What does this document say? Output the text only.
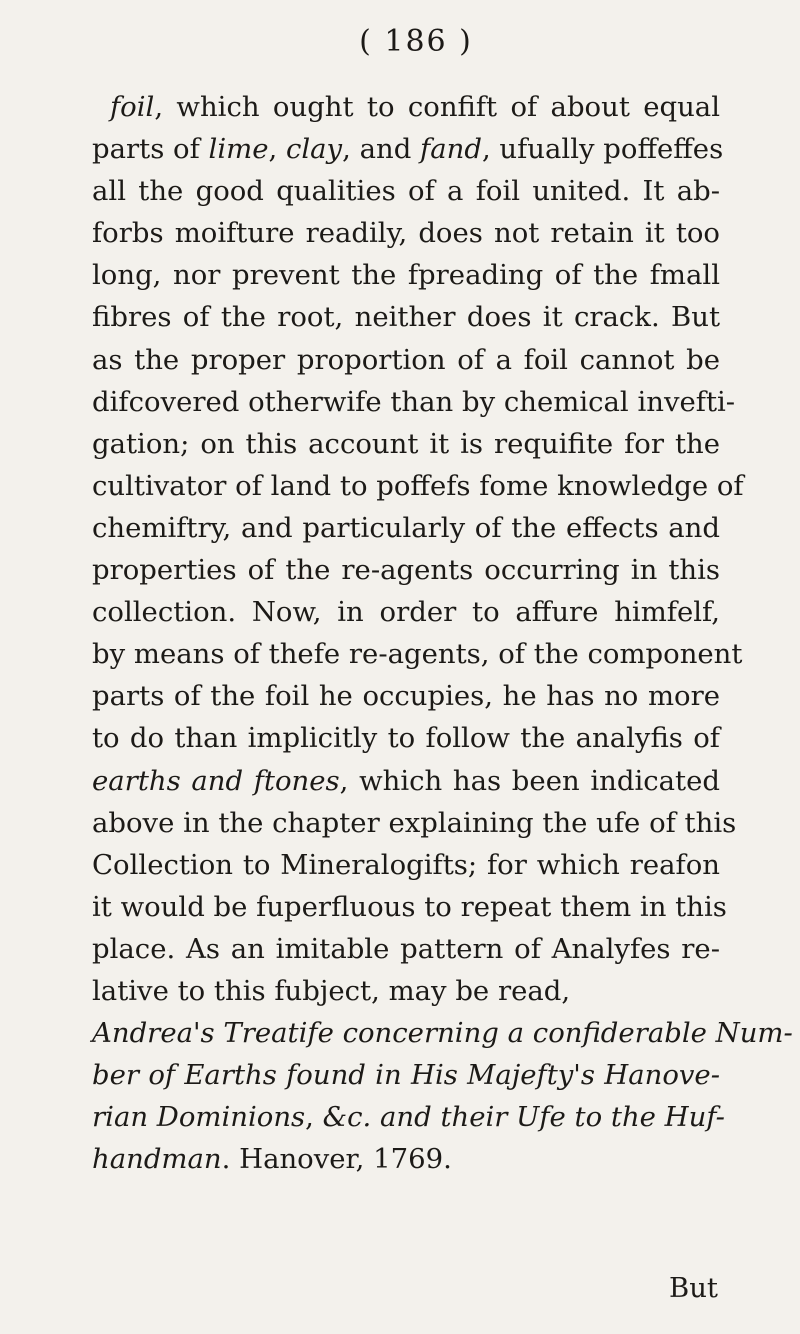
( 186 )
foil, which ought to confift of about equal
parts of lime, clay, and fand, ufually poffeffes
all the good qualities of a foil united. It ab-
forbs moifture readily, does not retain it too
long, nor prevent the fpreading of the fmall
fibres of the root, neither does it crack. But
as the proper proportion of a foil cannot be
difcovered otherwife than by chemical invefti-
gation; on this account it is requifite for the
cultivator of land to poffefs fome knowledge of
chemiftry, and particularly of the effects and
properties of the re-agents occurring in this
collection. Now, in order to affure himfelf,
by means of thefe re-agents, of the component
parts of the foil he occupies, he has no more
to do than implicitly to follow the analyfis of
earths and ftones, which has been indicated
above in the chapter explaining the ufe of this
Collection to Mineralogifts; for which reafon
it would be fuperfluous to repeat them in this
place. As an imitable pattern of Analyfes re-
lative to this fubject, may be read,
Andrea's Treatife concerning a confiderable Num-
ber of Earths found in His Majefty's Hanove-
rian Dominions, &c. and their Ufe to the Huf-
handman. Hanover, 1769.
But
